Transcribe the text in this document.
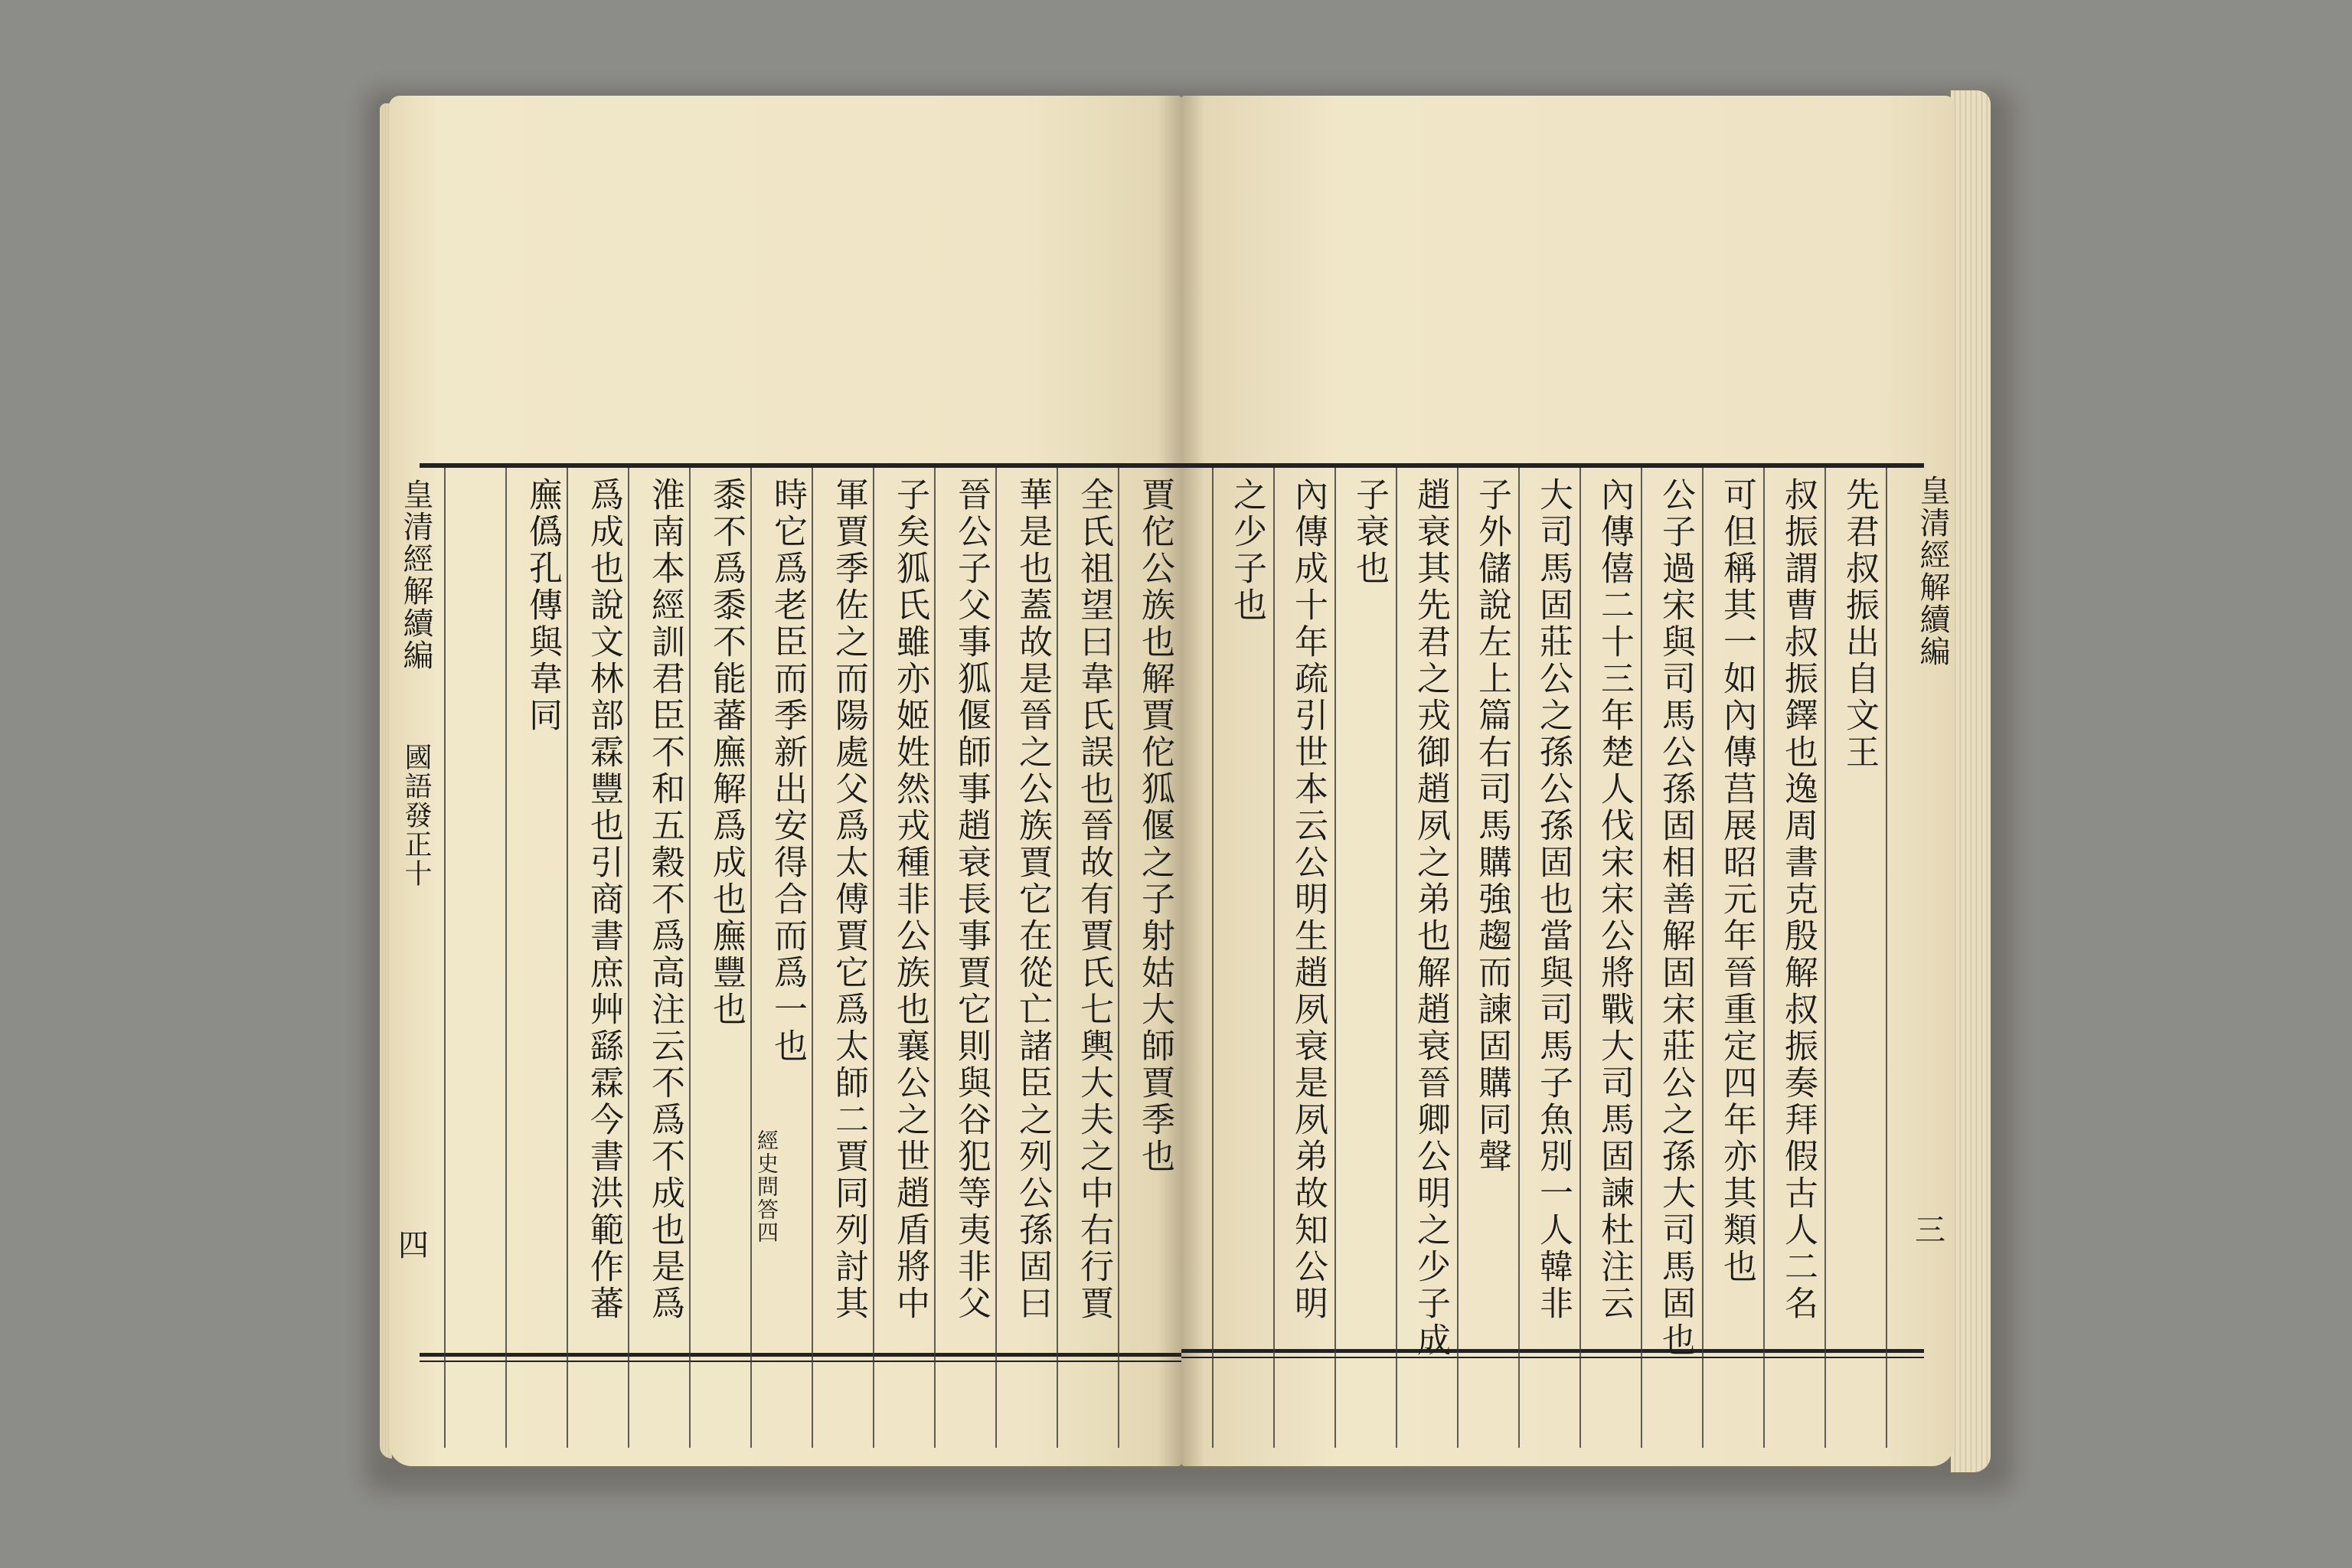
皇清經解續編
國語發正十
四
賈佗公族也解賈佗狐偃之子射姑大師賈季也
全氏祖望曰韋氏誤也晉故有賈氏七輿大夫之中右行賈
華是也蓋故是晉之公族賈它在從亡諸臣之列公孫固曰
晉公子父事狐偃師事趙衰長事賈它則與谷犯等夷非父
子矣狐氏雖亦姬姓然戎種非公族也襄公之世趙盾將中
軍賈季佐之而陽處父爲太傅賈它爲太師二賈同列討其
時它爲老臣而季新出安得合而爲一也
經史問答四
黍不爲黍不能蕃廡解爲成也廡豐也
淮南本經訓君臣不和五穀不爲高注云不爲不成也是爲
爲成也說文林部霖豐也引商書庶艸繇霖今書洪範作蕃
廡僞孔傳與韋同	皇清經解續編
三
先君叔振出自文王
叔振謂曹叔振鐸也逸周書克殷解叔振奏拜假古人二名
可但稱其一如內傳莒展昭元年晉重定四年亦其類也
公子過宋與司馬公孫固相善解固宋莊公之孫大司馬固也
內傳僖二十三年楚人伐宋宋公將戰大司馬固諫杜注云
大司馬固莊公之孫公孫固也當與司馬子魚別一人韓非
子外儲說左上篇右司馬購強趨而諫固購同聲
趙衰其先君之戎御趙夙之弟也解趙衰晉卿公明之少子成
子衰也
內傳成十年疏引世本云公明生趙夙衰是夙弟故知公明
之少子也
